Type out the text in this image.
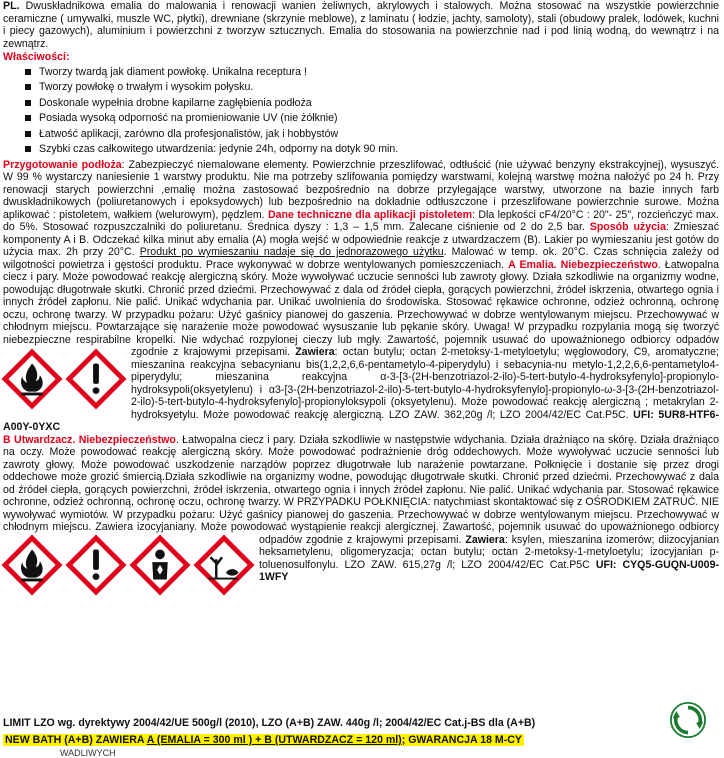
PL. Dwuskładnikowa emalia do malowania i renowacji wanien żeliwnych, akrylowych i stalowych. Można stosować na wszystkie powierzchnie ceramiczne ( umywalki, muszle WC, płytki), drewniane (skrzynie meblowe), z laminatu ( łodzie, jachty, samoloty), stali (obudowy pralek, lodówek, kuchni i piecy gazowych), aluminium i powierzchni z tworzyw sztucznych. Emalia do stosowania na powierzchnie nad i pod linią wodną, do wewnątrz i na zewnątrz.

Właściwości:
Tworzy twardą jak diament powłokę. Unikalna receptura !
Tworzy powłokę o trwałym i wysokim połysku.
Doskonale wypełnia drobne kapilarne zagłębienia podłoża
Posiada wysoką odporność na promieniowanie UV (nie żółknie)
Łatwość aplikacji, zarówno dla profesjonalistów, jak i hobbystów
Szybki czas całkowitego utwardzenia: jedynie 24h, odporny na dotyk 90 min.

Przygotowanie podłoża: Zabezpieczyć niemalowane elementy. Powierzchnie przeszlifować, odtłuścić (nie używać benzyny ekstrakcyjnej), wysuszyć. W 99 % wystarczy naniesienie 1 warstwy produktu. Nie ma potrzeby szlifowania pomiędzy warstwami, kolejną warstwę można nałożyć po 24 h. Przy renowacji starych powierzchni ,emalię można zastosować bezpośrednio na dobrze przylegające warstwy, utworzone na bazie innych farb dwuskładnikowych (poliuretanowych i epoksydowych) lub bezpośrednio na dokładnie odtłuszczone i przeszlifowane powierzchnie surowe. Można aplikować : pistoletem, wałkiem (welurowym), pędzlem. Dane techniczne dla aplikacji pistoletem: Dla lepkości cF4/20°C : 20"- 25", rozcieńczyć max. do 5%. Stosować rozpuszczalniki do poliuretanu. Średnica dyszy : 1,3 – 1,5 mm. Zalecane ciśnienie od 2 do 2,5 bar. Sposób użycia: Zmieszać komponenty A i B. Odczekać kilka minut aby emalia (A) mogła wejść w odpowiednie reakcje z utwardzaczem (B). Lakier po wymieszaniu jest gotów do użycia max. 2h przy 20°C. Produkt po wymieszaniu nadaje się do jednorazowego użytku. Malować w temp. ok. 20°C. Czas schnięcia zależy od wilgotności powietrza i gęstości produktu. Prace wykonywać w dobrze wentylowanych pomieszczeniach. A Emalia. Niebezpieczeństwo. Łatwopalna ciecz i pary. Może powodować reakcję alergiczną skóry. Może wywoływać uczucie senności lub zawroty głowy. Działa szkodliwie na organizmy wodne, powodując długotrwałe skutki. Chronić przed dziećmi. Przechowywać z dala od źródeł ciepła, gorących powierzchni, źródeł iskrzenia, otwartego ognia i innych źródeł zapłonu. Nie palić. Unikać wdychania par. Unikać uwolnienia do środowiska. Stosować rękawice ochronne, odzież ochronną, ochronę oczu, ochronę twarzy. W przypadku pożaru: Użyć gaśnicy pianowej do gaszenia. Przechowywać w dobrze wentylowanym miejscu. Przechowywać w chłodnym miejscu. Powtarzające się narażenie może powodować wysuszanie lub pękanie skóry. Uwaga! W przypadku rozpylania mogą się tworzyć niebezpieczne respirabilne kropelki. Nie wdychać rozpylonej cieczy lub mgły. Zawartość, pojemnik usuwać do upoważnionego odbiorcy odpadów zgodnie z krajowymi przepisami.
Zawiera: octan butylu; octan 2-metoksy-1-metyloetylu; węglowodory, C9, aromatyczne; mieszanina reakcyjna sebacynianu bis(1,2,2,6,6-pentametylo-4-piperydylu) i sebacynia-nu metylo-1,2,2,6,6-pentametylo4-piperydylu; mieszanina reakcyjna α-3-[3-(2H-benzotriazol-2-ilo)-5-tert-butylo-4-hydroksyfenylo]-propionylo-hydroksypoli(oksyetylenu) i α3-[3-(2H-benzotriazol-2-ilo)-5-tert-butylo-4-hydroksyfenylo]-propionylo-ω-3-[3-(2H-benzotriazol-2-ilo)-5-tert-butylo-4-hydroksyfenylo]-propionyloksypoli (oksyetylenu). Może powodować reakcję alergiczną ; metakrylan 2-hydroksyetylu. Może powodować reakcję alergiczną. LZO ZAW. 362,20g /l; LZO 2004/42/EC Cat.P5C. UFI: 5UR8-HTF6-A00Y-0YXC

B Utwardzacz. Niebezpieczeństwo. Łatwopalna ciecz i pary. Działa szkodliwie w następstwie wdychania. Działa drażniąco na skórę. Działa drażniąco na oczy. Może powodować reakcję alergiczną skóry. Może powodować podrażnienie dróg oddechowych. Może wywoływać uczucie senności lub zawroty głowy. Może powodować uszkodzenie narządów poprzez długotrwałe lub narażenie powtarzane. Połknięcie i dostanie się przez drogi oddechowe może grozić śmiercią.Działa szkodliwie na organizmy wodne, powodując długotrwałe skutki. Chronić przed dziećmi. Przechowywać z dala od źródeł ciepła, gorących powierzchni, źródeł iskrzenia, otwartego ognia i innych źródeł zapłonu. Nie palić. Unikać wdychania par. Stosować rękawice ochronne, odzież ochronną, ochronę oczu, ochronę twarzy. W PRZYPADKU POŁKNIĘCIA: natychmiast skontaktować się z OŚRODKIEM ZATRUĆ. NIE wywoływać wymiotów. W przypadku pożaru: Użyć gaśnicy pianowej do gaszenia. Przechowywać w dobrze wentylowanym miejscu. Przechowywać w chłodnym miejscu. Zawiera izocyjaniany. Może powodować wystąpienie reakcji alergicznej. Zawartość, pojemnik usuwać do upoważnionego odbiorcy odpadów zgodnie z krajowymi przepisami.
Zawiera: ksylen, mieszanina izomerów; diizocyjanian heksametylenu, oligomeryzacja; octan butylu; octan 2-metoksy-1-metyloetylu; izocyjanian p-toluenosulfonylu. LZO ZAW. 615,27g /l; LZO 2004/42/EC Cat.P5C UFI: CYQ5-GUQN-U009-1WFY

LIMIT LZO wg. dyrektywy 2004/42/UE 500g/l (2010), LZO (A+B) ZAW. 440g /l; 2004/42/EC Cat.j-BS dla (A+B)
NEW BATH (A+B) ZAWIERA A (EMALIA = 300 ml ) + B (UTWARDZACZ = 120 ml); GWARANCJA 18 M-CY
WADLIWYCH
